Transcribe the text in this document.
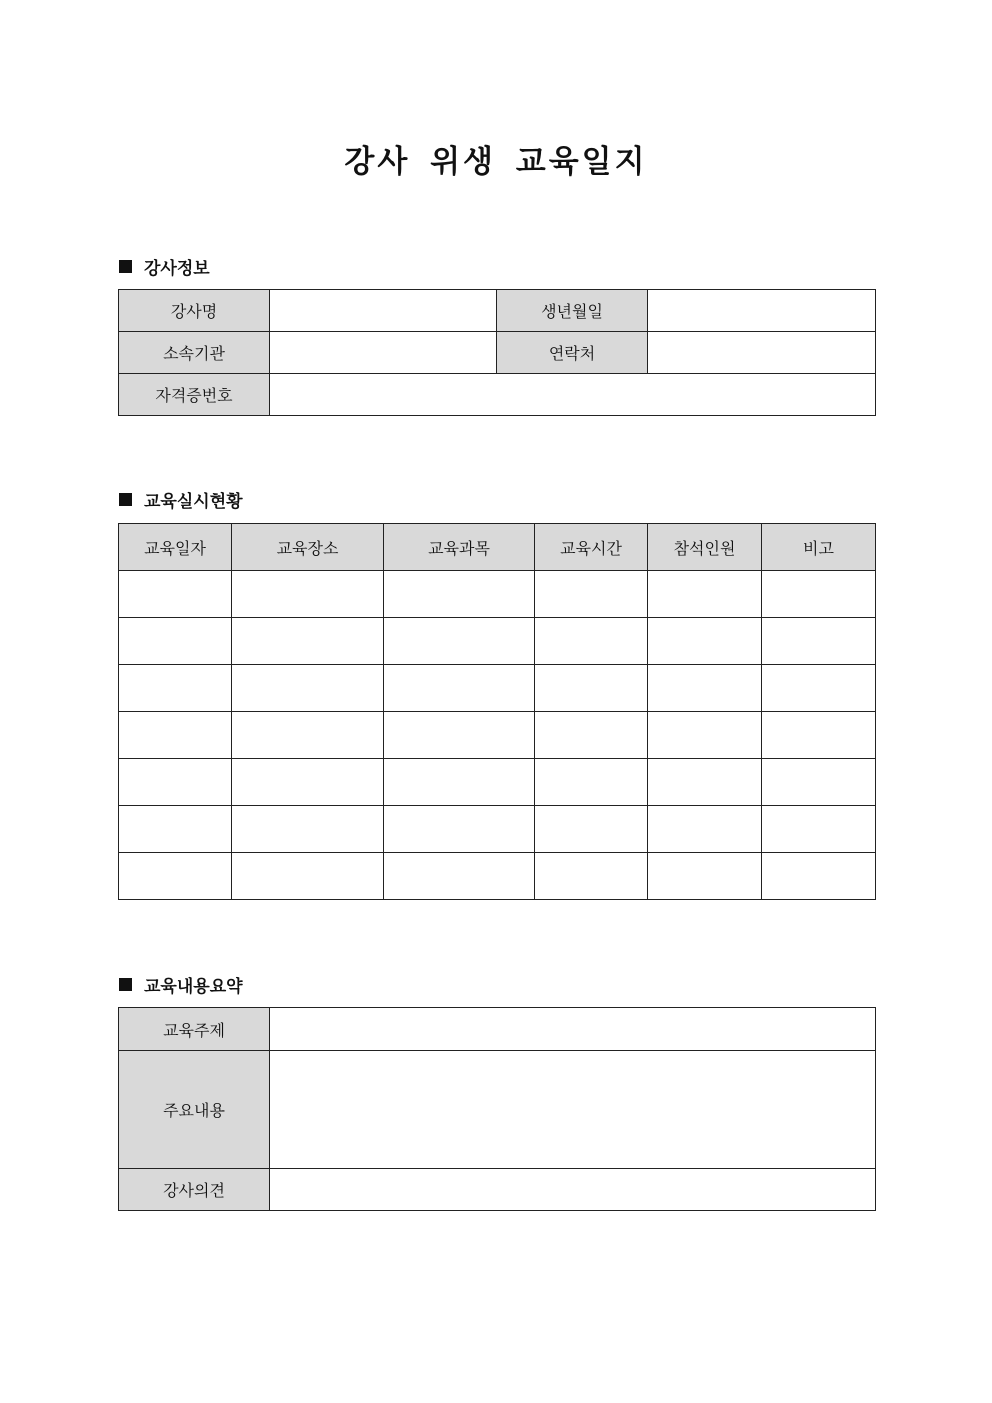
강사 위생 교육일지
강사정보
강사명		생년월일	
소속기관		연락처	
자격증번호			
교육실시현황
교육일자	교육장소	교육과목	교육시간	참석인원	비고

교육내용요약
교육주제	
주요내용	
강사의견	
